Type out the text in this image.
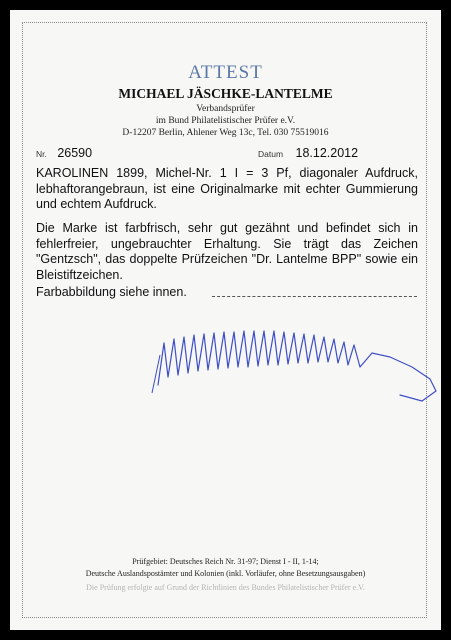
ATTEST
MICHAEL JÄSCHKE-LANTELME
Verbandsprüfer
im Bund Philatelistischer Prüfer e.V.
D-12207 Berlin, Ahlener Weg 13c, Tel. 030 75519016
Nr. 26590	Datum 18.12.2012
KAROLINEN 1899, Michel-Nr. 1 I = 3 Pf, diagonaler Aufdruck, lebhaftorangebraun, ist eine Originalmarke mit echter Gummierung und echtem Aufdruck.
Die Marke ist farbfrisch, sehr gut gezähnt und befindet sich in fehlerfreier, ungebrauchter Erhaltung. Sie trägt das Zeichen "Gentzsch", das doppelte Prüfzeichen "Dr. Lantelme BPP" sowie ein Bleistiftzeichen.
Farbabbildung siehe innen.
Prüfgebiet: Deutsches Reich Nr. 31-97; Dienst I - II, 1-14;
Deutsche Auslandspostämter und Kolonien (inkl. Vorläufer, ohne Besetzungsausgaben)
Die Prüfung erfolgte auf Grund der Richtlinien des Bundes Philatelistischer Prüfer e.V.
